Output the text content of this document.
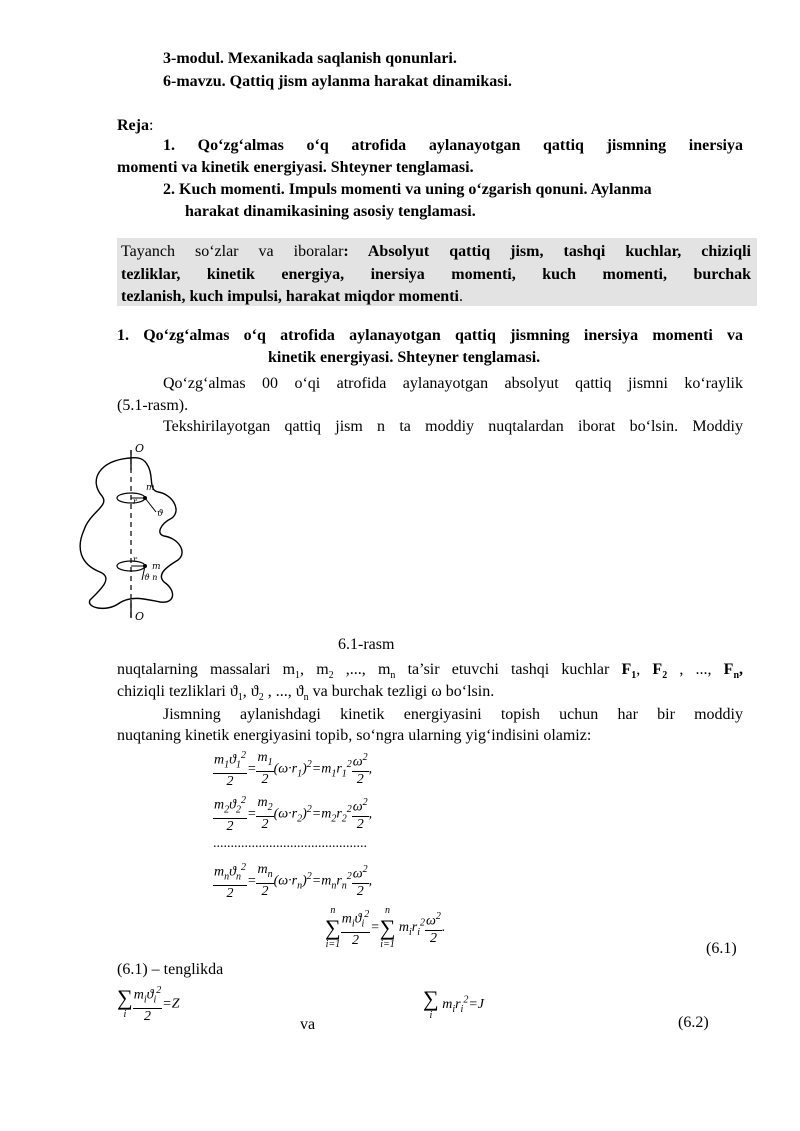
3-modul. Mexanikada saqlanish qonunlari.
6-mavzu. Qattiq jism aylanma harakat dinamikasi.
Reja:
1. Qo‘zg‘almas o‘q atrofida aylanayotgan qattiq jismning inersiya
momenti va kinetik energiyasi. Shteyner tenglamasi.
2. Kuch momenti. Impuls momenti va uning o‘zgarish qonuni. Aylanma
harakat dinamikasining asosiy tenglamasi.
Tayanch so‘zlar va iboralar: Absolyut qattiq jism, tashqi kuchlar, chiziqli
tezliklar, kinetik energiya, inersiya momenti, kuch momenti, burchak
tezlanish, kuch impulsi, harakat miqdor momenti.
1. Qo‘zg‘almas o‘q atrofida aylanayotgan qattiq jismning inersiya momenti va
kinetik energiyasi. Shteyner tenglamasi.
Qo‘zg‘almas 00 o‘qi atrofida aylanayotgan absolyut qattiq jismni ko‘raylik
(5.1-rasm).
Tekshirilayotgan qattiq jism n ta moddiy nuqtalardan iborat bo‘lsin. Moddiy
O
O
m
ϑ
r
m
ϑ n
r
6.1-rasm
nuqtalarning massalari $m_1$, $m_2$ ,..., $m_n$ ta’sir etuvchi tashqi kuchlar $F_1$, $F_2$ , ..., $F_n$,
chiziqli tezliklari $ϑ_1$, $ϑ_2$ , ..., $ϑ_n$ va burchak tezligi ω bo‘lsin.
Jismning aylanishdagi kinetik energiyasini topish uchun har bir moddiy
nuqtaning kinetik energiyasini topib, so‘ngra ularning yig‘indisini olamiz:
$\frac{m_1ϑ_1^2}{2} = \frac{m_1}{2} (\omega\cdot r_1)^2=m_1r_1^2 \frac{\omega^2}{2}$ ,
$\frac{m_2ϑ_2^2}{2} = \frac{m_2}{2} (\omega\cdot r_2)^2=m_2r_2^2 \frac{\omega^2}{2}$ ,
............................................
$\frac{m_nϑ_n^2}{2} = \frac{m_n}{2} (\omega\cdot r_n)^2=m_nr_n^2 \frac{\omega^2}{2}$ ,
n
∑
$i=1 \frac{m_iϑ_i^2}{2}$ =
n
∑
i=1
$m_ir_i^2 \frac{\omega^2}{2}$ .
(6.1)
(6.1) – tenglikda
∑
i $\frac{m_iϑ_i^2}{2} =Z$
va
∑
i
$m_ir_i^2=J$
(6.2)
